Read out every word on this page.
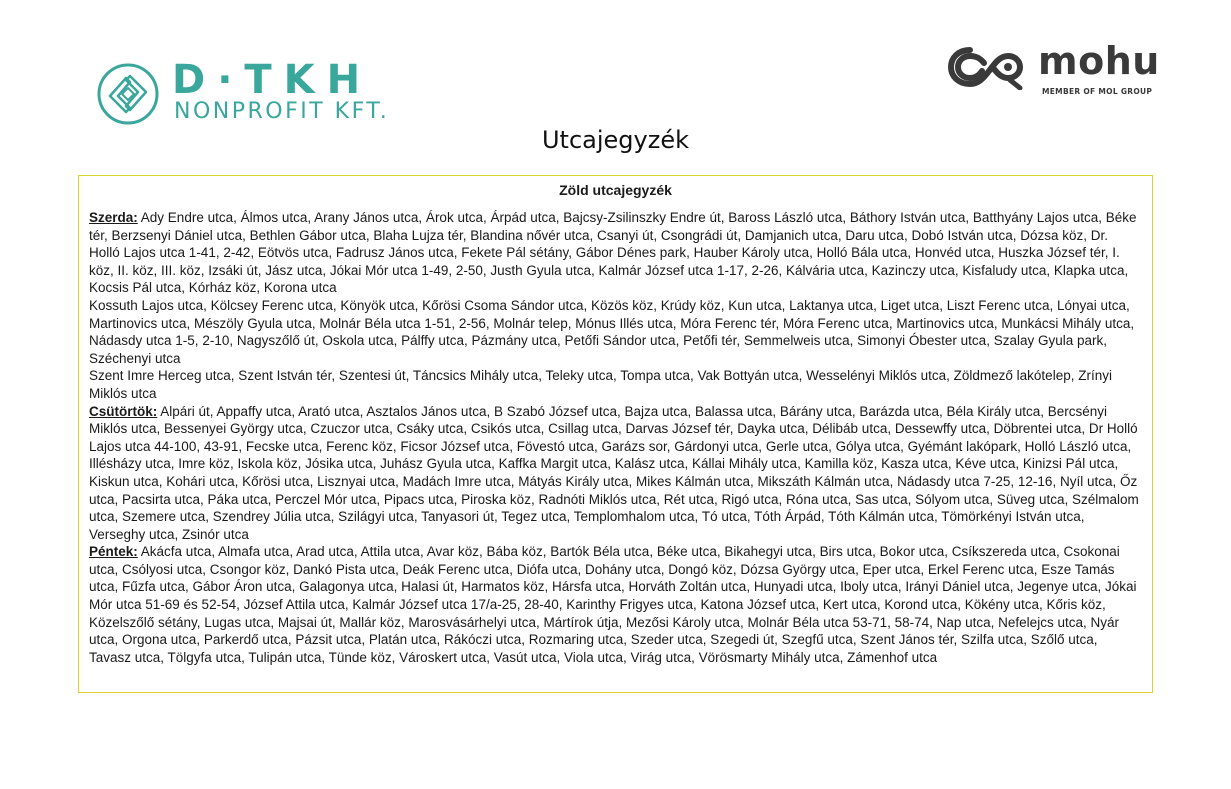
D·TKH
NONPROFIT KFT.
mohu
MEMBER OF MOL GROUP
Utcajegyzék
Zöld utcajegyzék

Szerda: Ady Endre utca, Álmos utca, Arany János utca, Árok utca, Árpád utca, Bajcsy-Zsilinszky Endre út, Baross László utca, Báthory István utca, Batthyány Lajos utca, Béke tér, Berzsenyi Dániel utca, Bethlen Gábor utca, Blaha Lujza tér, Blandina nővér utca, Csanyi út, Csongrádi út, Damjanich utca, Daru utca, Dobó István utca, Dózsa köz, Dr. Holló Lajos utca 1-41, 2-42, Eötvös utca, Fadrusz János utca, Fekete Pál sétány, Gábor Dénes park, Hauber Károly utca, Holló Bála utca, Honvéd utca, Huszka József tér, I. köz, II. köz, III. köz, Izsáki út, Jász utca, Jókai Mór utca 1-49, 2-50, Justh Gyula utca, Kalmár József utca 1-17, 2-26, Kálvária utca, Kazinczy utca, Kisfaludy utca, Klapka utca, Kocsis Pál utca, Kórház köz, Korona utca

Kossuth Lajos utca, Kölcsey Ferenc utca, Könyök utca, Kőrösi Csoma Sándor utca, Közös köz, Krúdy köz, Kun utca, Laktanya utca, Liget utca, Liszt Ferenc utca, Lónyai utca, Martinovics utca, Mészöly Gyula utca, Molnár Béla utca 1-51, 2-56, Molnár telep, Mónus Illés utca, Móra Ferenc tér, Móra Ferenc utca, Martinovics utca, Munkácsi Mihály utca, Nádasdy utca 1-5, 2-10, Nagyszőlő út, Oskola utca, Pálffy utca, Pázmány utca, Petőfi Sándor utca, Petőfi tér, Semmelweis utca, Simonyi Óbester utca, Szalay Gyula park, Széchenyi utca

Szent Imre Herceg utca, Szent István tér, Szentesi út, Táncsics Mihály utca, Teleky utca, Tompa utca, Vak Bottyán utca, Wesselényi Miklós utca, Zöldmező lakótelep, Zrínyi Miklós utca

Csütörtök: Alpári út, Appaffy utca, Arató utca, Asztalos János utca, B Szabó József utca, Bajza utca, Balassa utca, Bárány utca, Barázda utca, Béla Király utca, Bercsényi Miklós utca, Bessenyei György utca, Czuczor utca, Csáky utca, Csikós utca, Csillag utca, Darvas József tér, Dayka utca, Délibáb utca, Dessewffy utca, Döbrentei utca, Dr Holló Lajos utca 44-100, 43-91, Fecske utca, Ferenc köz, Ficsor József utca, Fövestó utca, Garázs sor, Gárdonyi utca, Gerle utca, Gólya utca, Gyémánt lakópark, Holló László utca, Illésházy utca, Imre köz, Iskola köz, Jósika utca, Juhász Gyula utca, Kaffka Margit utca, Kalász utca, Kállai Mihály utca, Kamilla köz, Kasza utca, Kéve utca, Kinizsi Pál utca, Kiskun utca, Kohári utca, Kőrösi utca, Lisznyai utca, Madách Imre utca, Mátyás Király utca, Mikes Kálmán utca, Mikszáth Kálmán utca, Nádasdy utca 7-25, 12-16, Nyíl utca, Őz utca, Pacsirta utca, Páka utca, Perczel Mór utca, Pipacs utca, Piroska köz, Radnóti Miklós utca, Rét utca, Rigó utca, Róna utca, Sas utca, Sólyom utca, Süveg utca, Szélmalom utca, Szemere utca, Szendrey Júlia utca, Szilágyi utca, Tanyasori út, Tegez utca, Templomhalom utca, Tó utca, Tóth Árpád, Tóth Kálmán utca, Tömörkényi István utca, Verseghy utca, Zsinór utca

Péntek: Akácfa utca, Almafa utca, Arad utca, Attila utca, Avar köz, Bába köz, Bartók Béla utca, Béke utca, Bikahegyi utca, Birs utca, Bokor utca, Csíkszereda utca, Csokonai utca, Csólyosi utca, Csongor köz, Dankó Pista utca, Deák Ferenc utca, Diófa utca, Dohány utca, Dongó köz, Dózsa György utca, Eper utca, Erkel Ferenc utca, Esze Tamás utca, Fűzfa utca, Gábor Áron utca, Galagonya utca, Halasi út, Harmatos köz, Hársfa utca, Horváth Zoltán utca, Hunyadi utca, Iboly utca, Irányi Dániel utca, Jegenye utca, Jókai Mór utca 51-69 és 52-54, József Attila utca, Kalmár József utca 17/a-25, 28-40, Karinthy Frigyes utca, Katona József utca, Kert utca, Korond utca, Kökény utca, Kőris köz, Közelszőlő sétány, Lugas utca, Majsai út, Mallár köz, Marosvásárhelyi utca, Mártírok útja, Mezősi Károly utca, Molnár Béla utca 53-71, 58-74, Nap utca, Nefelejcs utca, Nyár utca, Orgona utca, Parkerdő utca, Pázsit utca, Platán utca, Rákóczi utca, Rozmaring utca, Szeder utca, Szegedi út, Szegfű utca, Szent János tér, Szilfa utca, Szőlő utca, Tavasz utca, Tölgyfa utca, Tulipán utca, Tünde köz, Városkert utca, Vasút utca, Viola utca, Virág utca, Vörösmarty Mihály utca, Zámenhof utca
